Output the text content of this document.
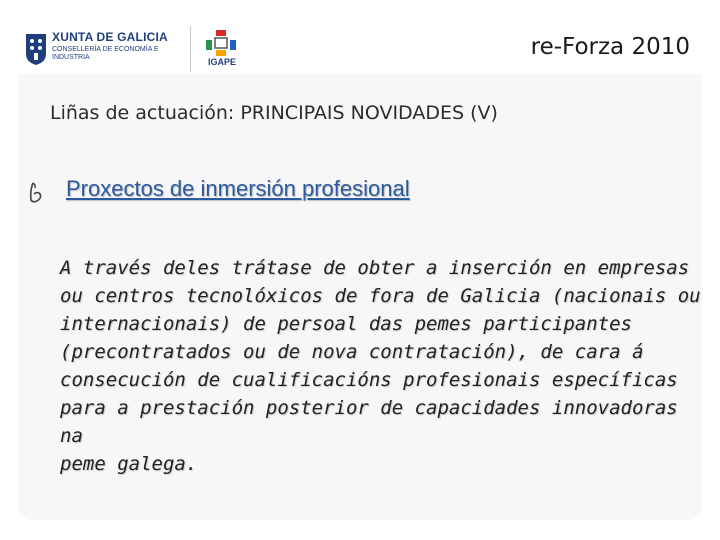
XUNTA DE GALICIA
CONSELLERÍA DE ECONOMÍA E INDUSTRIA	IGAPE
re-Forza 2010
Liñas de actuación: PRINCIPAIS NOVIDADES (V)
Proxectos de inmersión profesional

A través deles trátase de obter a inserción en empresas
ou centros tecnolóxicos de fora de Galicia (nacionais ou
internacionais) de persoal das pemes participantes
(precontratados ou de nova contratación), de cara á
consecución de cualificacións profesionais específicas
para a prestación posterior de capacidades innovadoras na
peme galega.
